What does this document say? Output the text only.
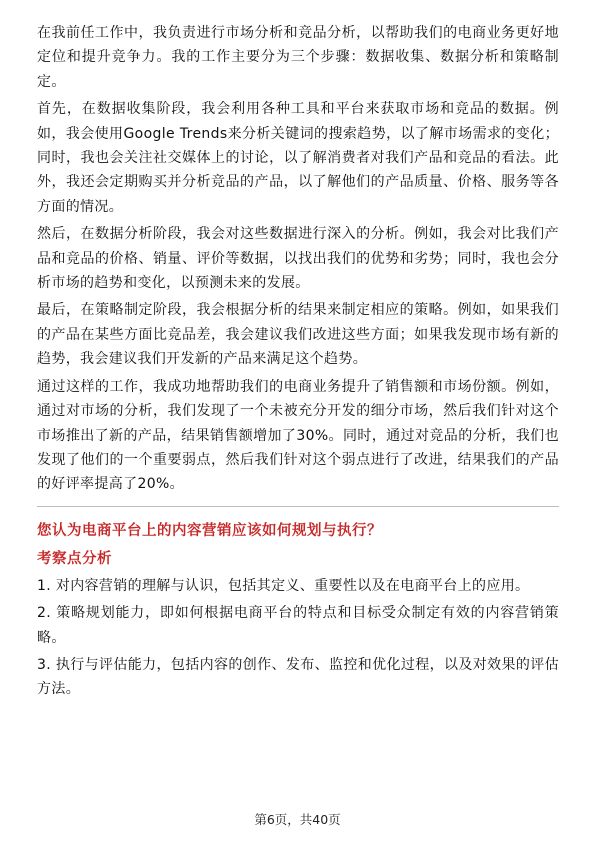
在我前任工作中，我负责进行市场分析和竞品分析，以帮助我们的电商业务更好地定位和提升竞争力。我的工作主要分为三个步骤：数据收集、数据分析和策略制定。

首先，在数据收集阶段，我会利用各种工具和平台来获取市场和竞品的数据。例如，我会使用Google Trends来分析关键词的搜索趋势，以了解市场需求的变化；同时，我也会关注社交媒体上的讨论，以了解消费者对我们产品和竞品的看法。此外，我还会定期购买并分析竞品的产品，以了解他们的产品质量、价格、服务等各方面的情况。

然后，在数据分析阶段，我会对这些数据进行深入的分析。例如，我会对比我们产品和竞品的价格、销量、评价等数据，以找出我们的优势和劣势；同时，我也会分析市场的趋势和变化，以预测未来的发展。

最后，在策略制定阶段，我会根据分析的结果来制定相应的策略。例如，如果我们的产品在某些方面比竞品差，我会建议我们改进这些方面；如果我发现市场有新的趋势，我会建议我们开发新的产品来满足这个趋势。

通过这样的工作，我成功地帮助我们的电商业务提升了销售额和市场份额。例如，通过对市场的分析，我们发现了一个未被充分开发的细分市场，然后我们针对这个市场推出了新的产品，结果销售额增加了30%。同时，通过对竞品的分析，我们也发现了他们的一个重要弱点，然后我们针对这个弱点进行了改进，结果我们的产品的好评率提高了20%。

您认为电商平台上的内容营销应该如何规划与执行？
考察点分析

1. 对内容营销的理解与认识，包括其定义、重要性以及在电商平台上的应用。

2. 策略规划能力，即如何根据电商平台的特点和目标受众制定有效的内容营销策略。

3. 执行与评估能力，包括内容的创作、发布、监控和优化过程，以及对效果的评估方法。

第6页，共40页
